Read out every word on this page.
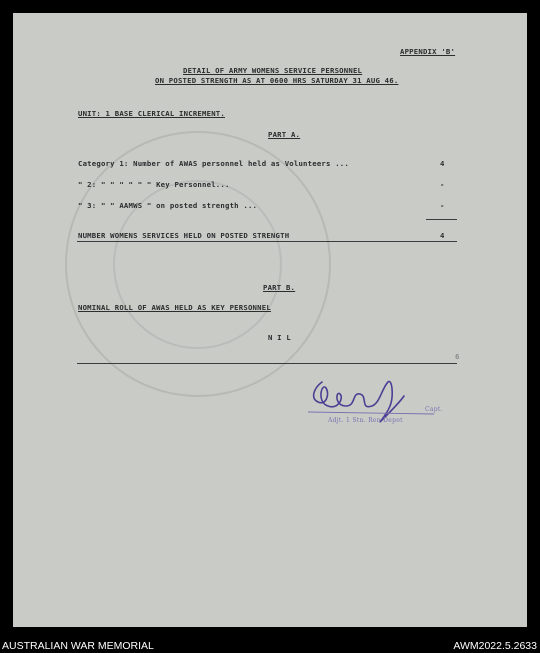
APPENDIX 'B'
DETAIL OF ARMY WOMENS SERVICE PERSONNEL
ON POSTED STRENGTH AS AT 0600 HRS SATURDAY 31 AUG 46.
UNIT: 1 BASE CLERICAL INCREMENT.
PART A.
Category 1: Number of AWAS personnel held as Volunteers ...	4
" 2: " " " " " " Key Personnel...	-
" 3: " " AAMWS " on posted strength ...	-
NUMBER WOMENS SERVICES HELD ON POSTED STRENGTH	4
PART B.
NOMINAL ROLL OF AWAS HELD AS KEY PERSONNEL
N I L
6
Capt.
Adjt. 1 Stn. Ren Depot
AUSTRALIAN WAR MEMORIAL	AWM2022.5.2633
